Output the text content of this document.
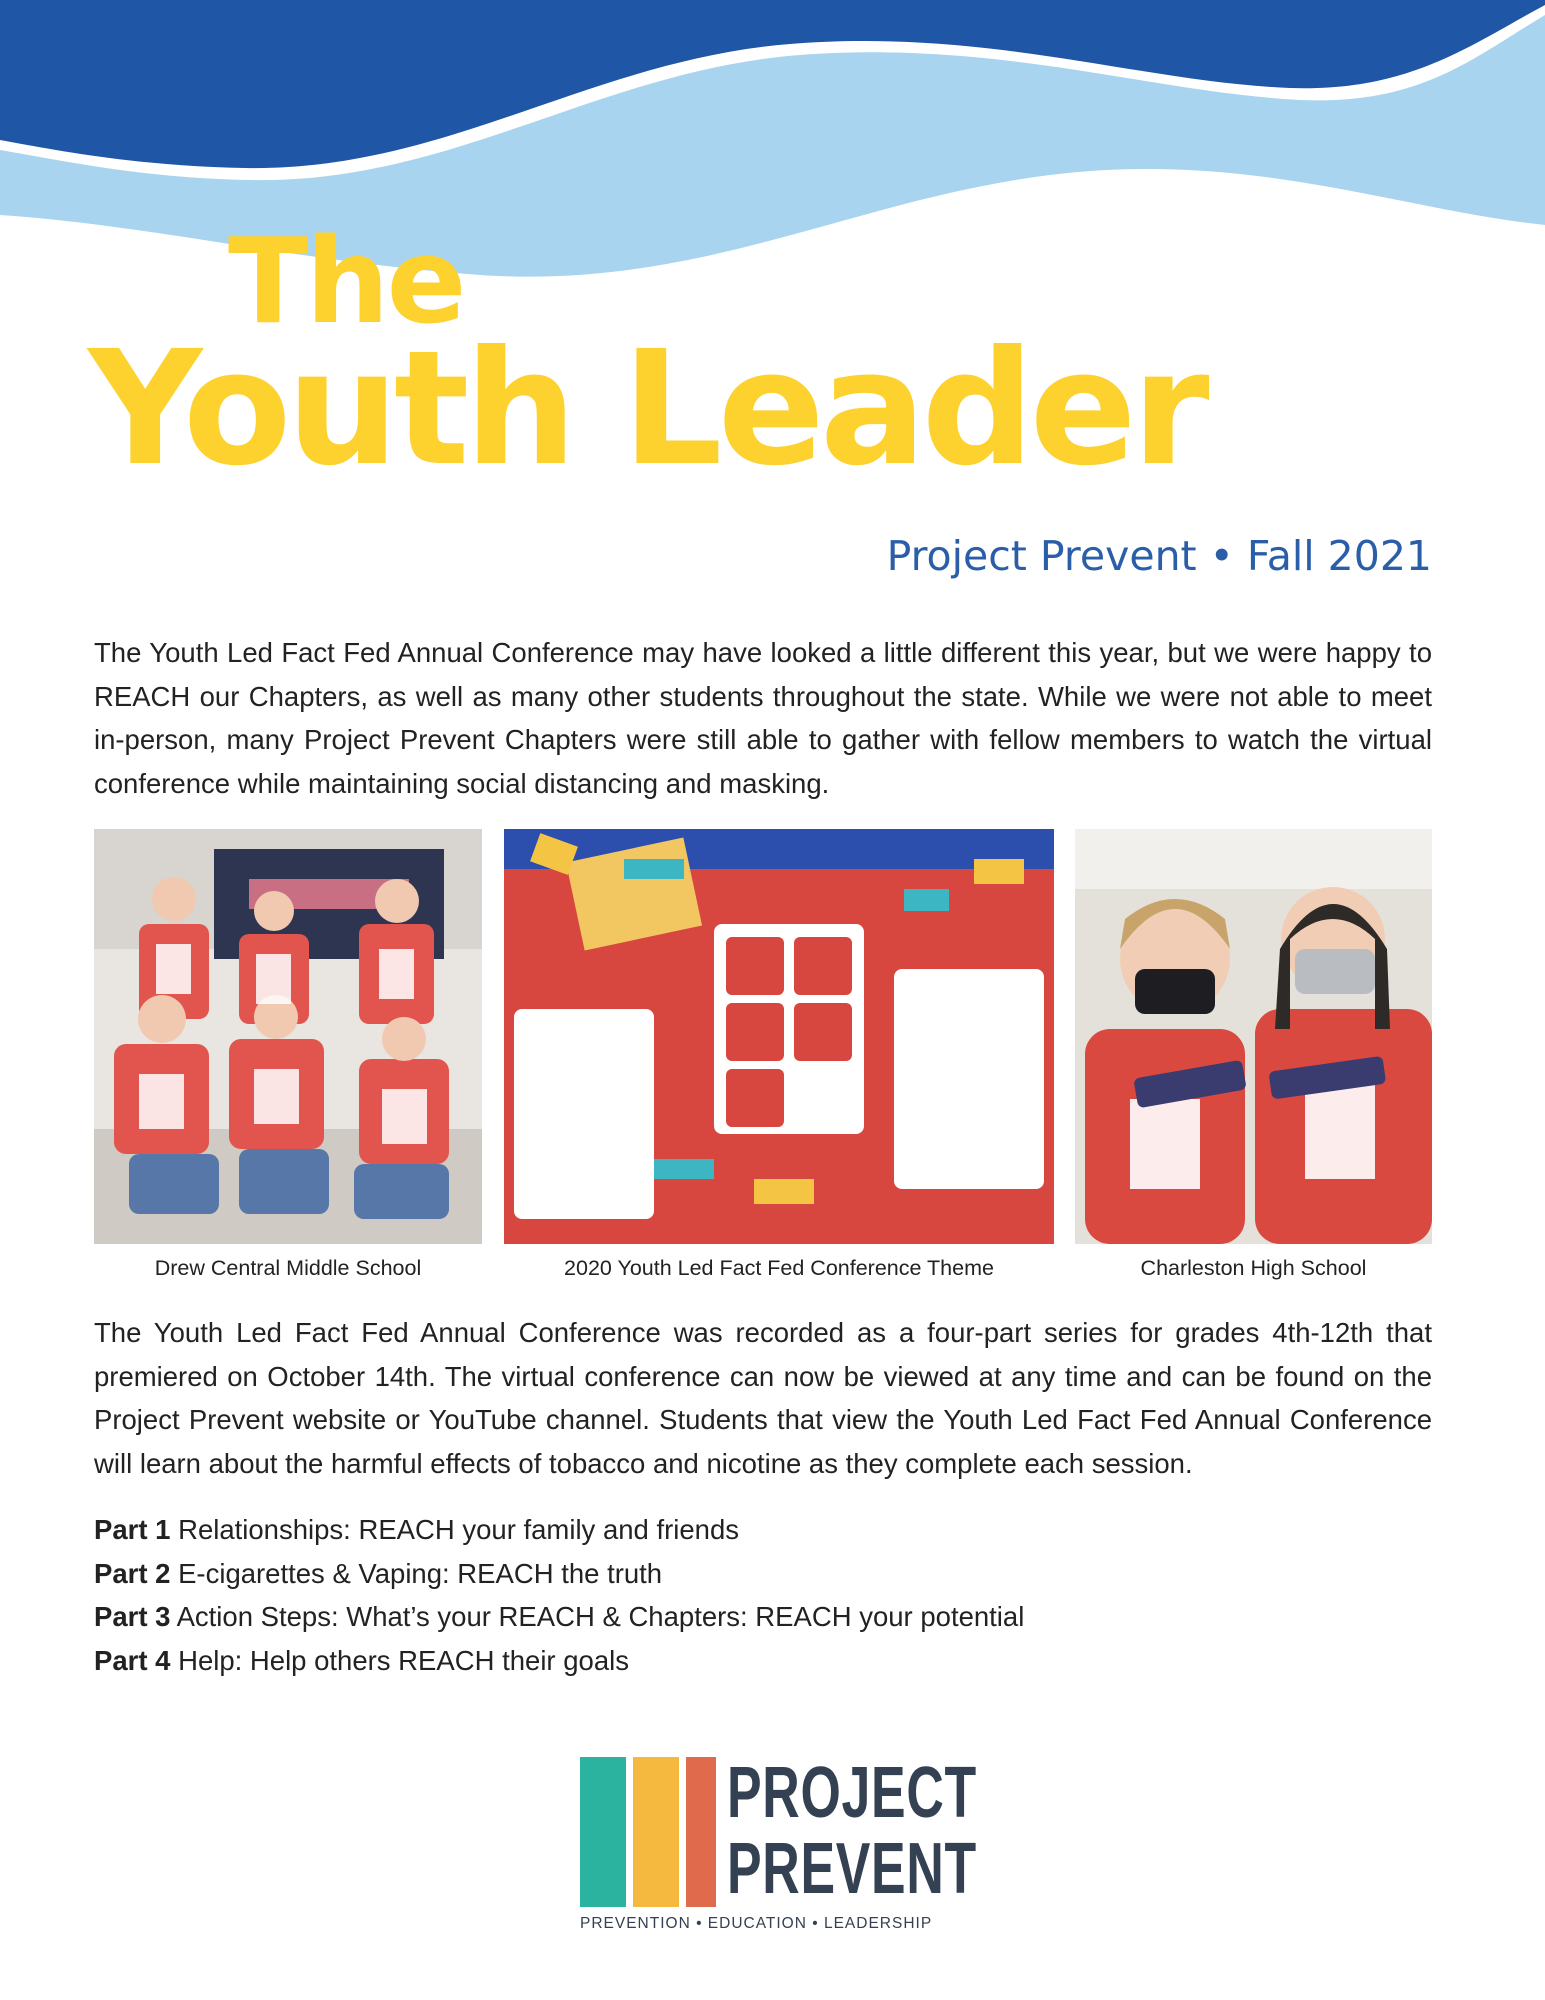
The
Youth Leader
Project Prevent • Fall 2021

The Youth Led Fact Fed Annual Conference may have looked a little different this year, but we were happy to REACH our Chapters, as well as many other students throughout the state. While we were not able to meet in-person, many Project Prevent Chapters were still able to gather with fellow members to watch the virtual conference while maintaining social distancing and masking.

Drew Central Middle School	2020 Youth Led Fact Fed Conference Theme	Charleston High School

The Youth Led Fact Fed Annual Conference was recorded as a four-part series for grades 4th-12th that premiered on October 14th. The virtual conference can now be viewed at any time and can be found on the Project Prevent website or YouTube channel. Students that view the Youth Led Fact Fed Annual Conference will learn about the harmful effects of tobacco and nicotine as they complete each session.

Part 1 Relationships: REACH your family and friends
Part 2 E-cigarettes & Vaping: REACH the truth
Part 3 Action Steps: What’s your REACH & Chapters: REACH your potential
Part 4 Help: Help others REACH their goals
PROJECT
PREVENT
PREVENTION • EDUCATION • LEADERSHIP
